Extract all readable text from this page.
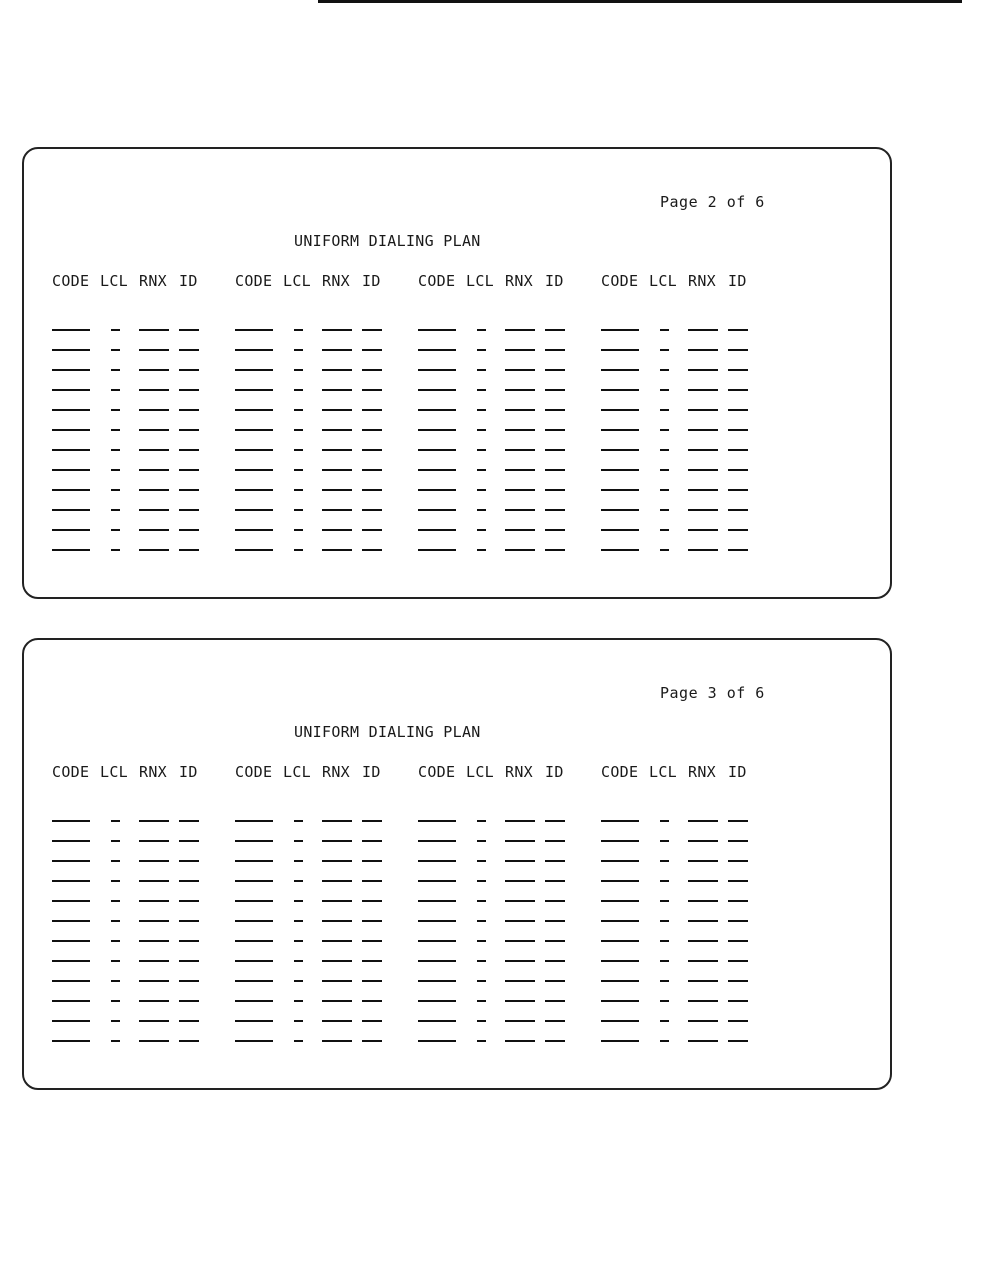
Page 2 of 6
UNIFORM DIALING PLAN
CODE LCL RNX ID CODE LCL RNX ID CODE LCL RNX ID CODE LCL RNX ID
Page 3 of 6
UNIFORM DIALING PLAN
CODE LCL RNX ID CODE LCL RNX ID CODE LCL RNX ID CODE LCL RNX ID
